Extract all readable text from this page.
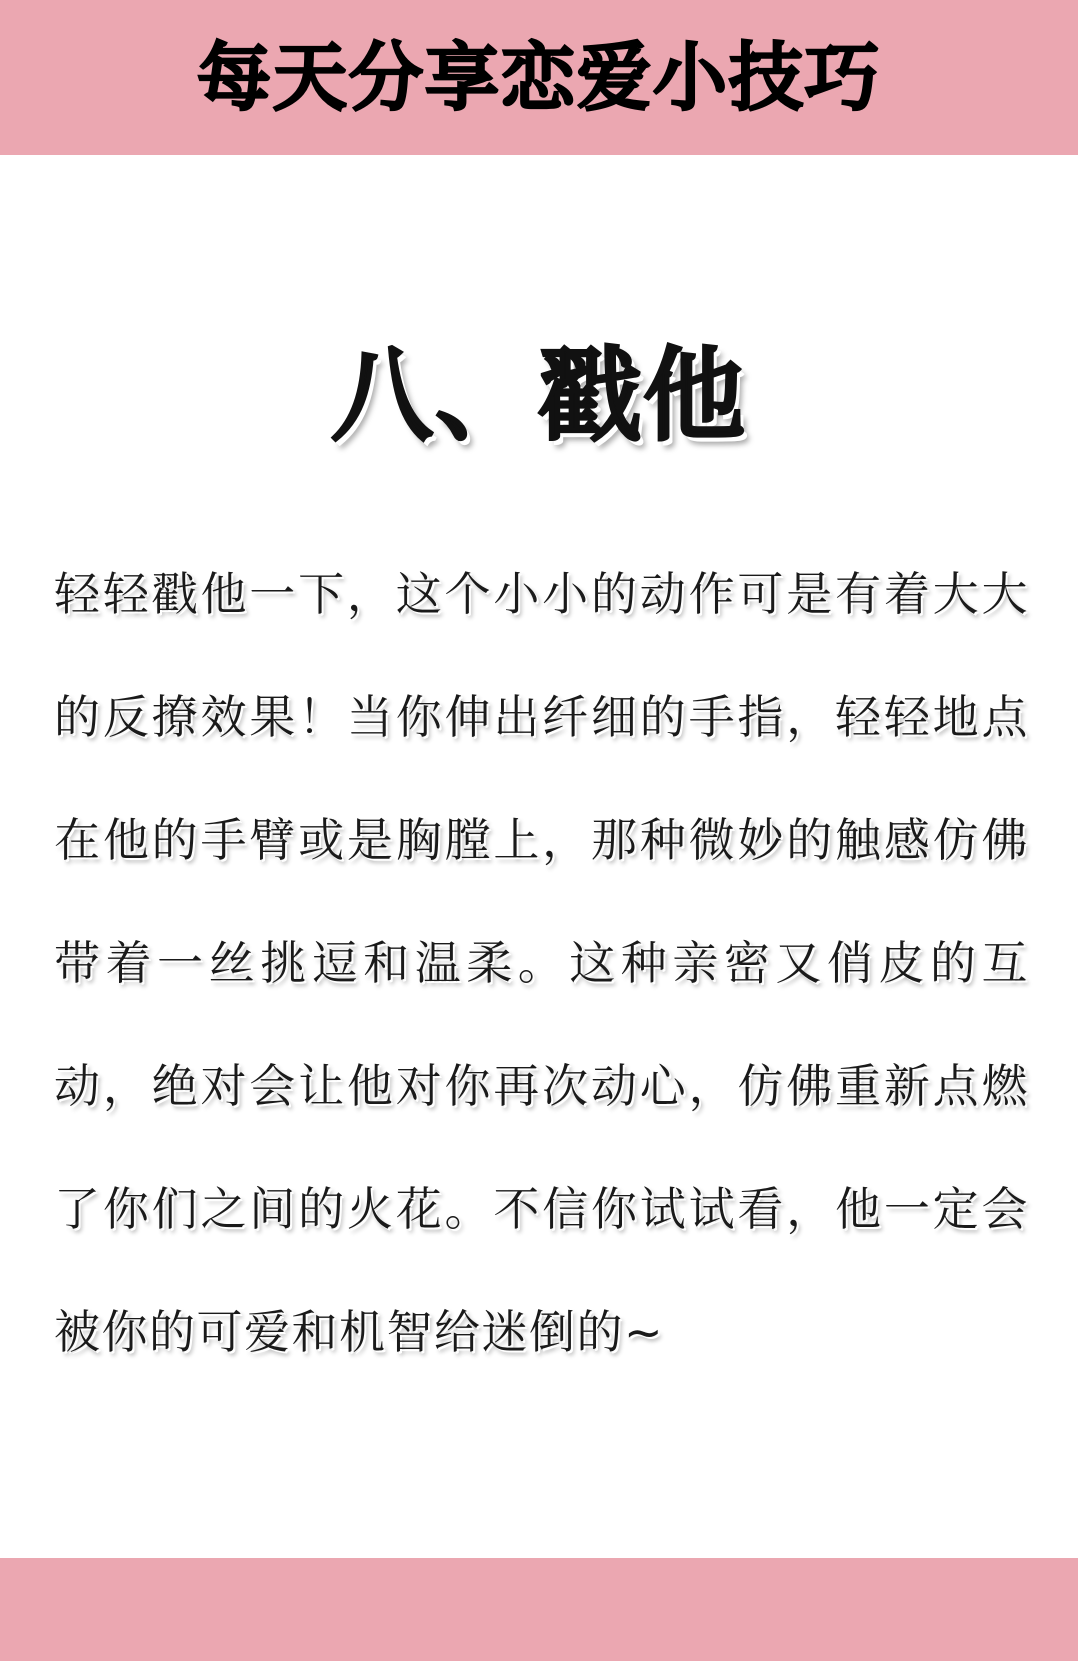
每天分享恋爱小技巧
八、戳他

轻轻戳他一下，这个小小的动作可是有着大大的反撩效果！当你伸出纤细的手指，轻轻地点在他的手臂或是胸膛上，那种微妙的触感仿佛带着一丝挑逗和温柔。这种亲密又俏皮的互动，绝对会让他对你再次动心，仿佛重新点燃了你们之间的火花。不信你试试看，他一定会被你的可爱和机智给迷倒的~
